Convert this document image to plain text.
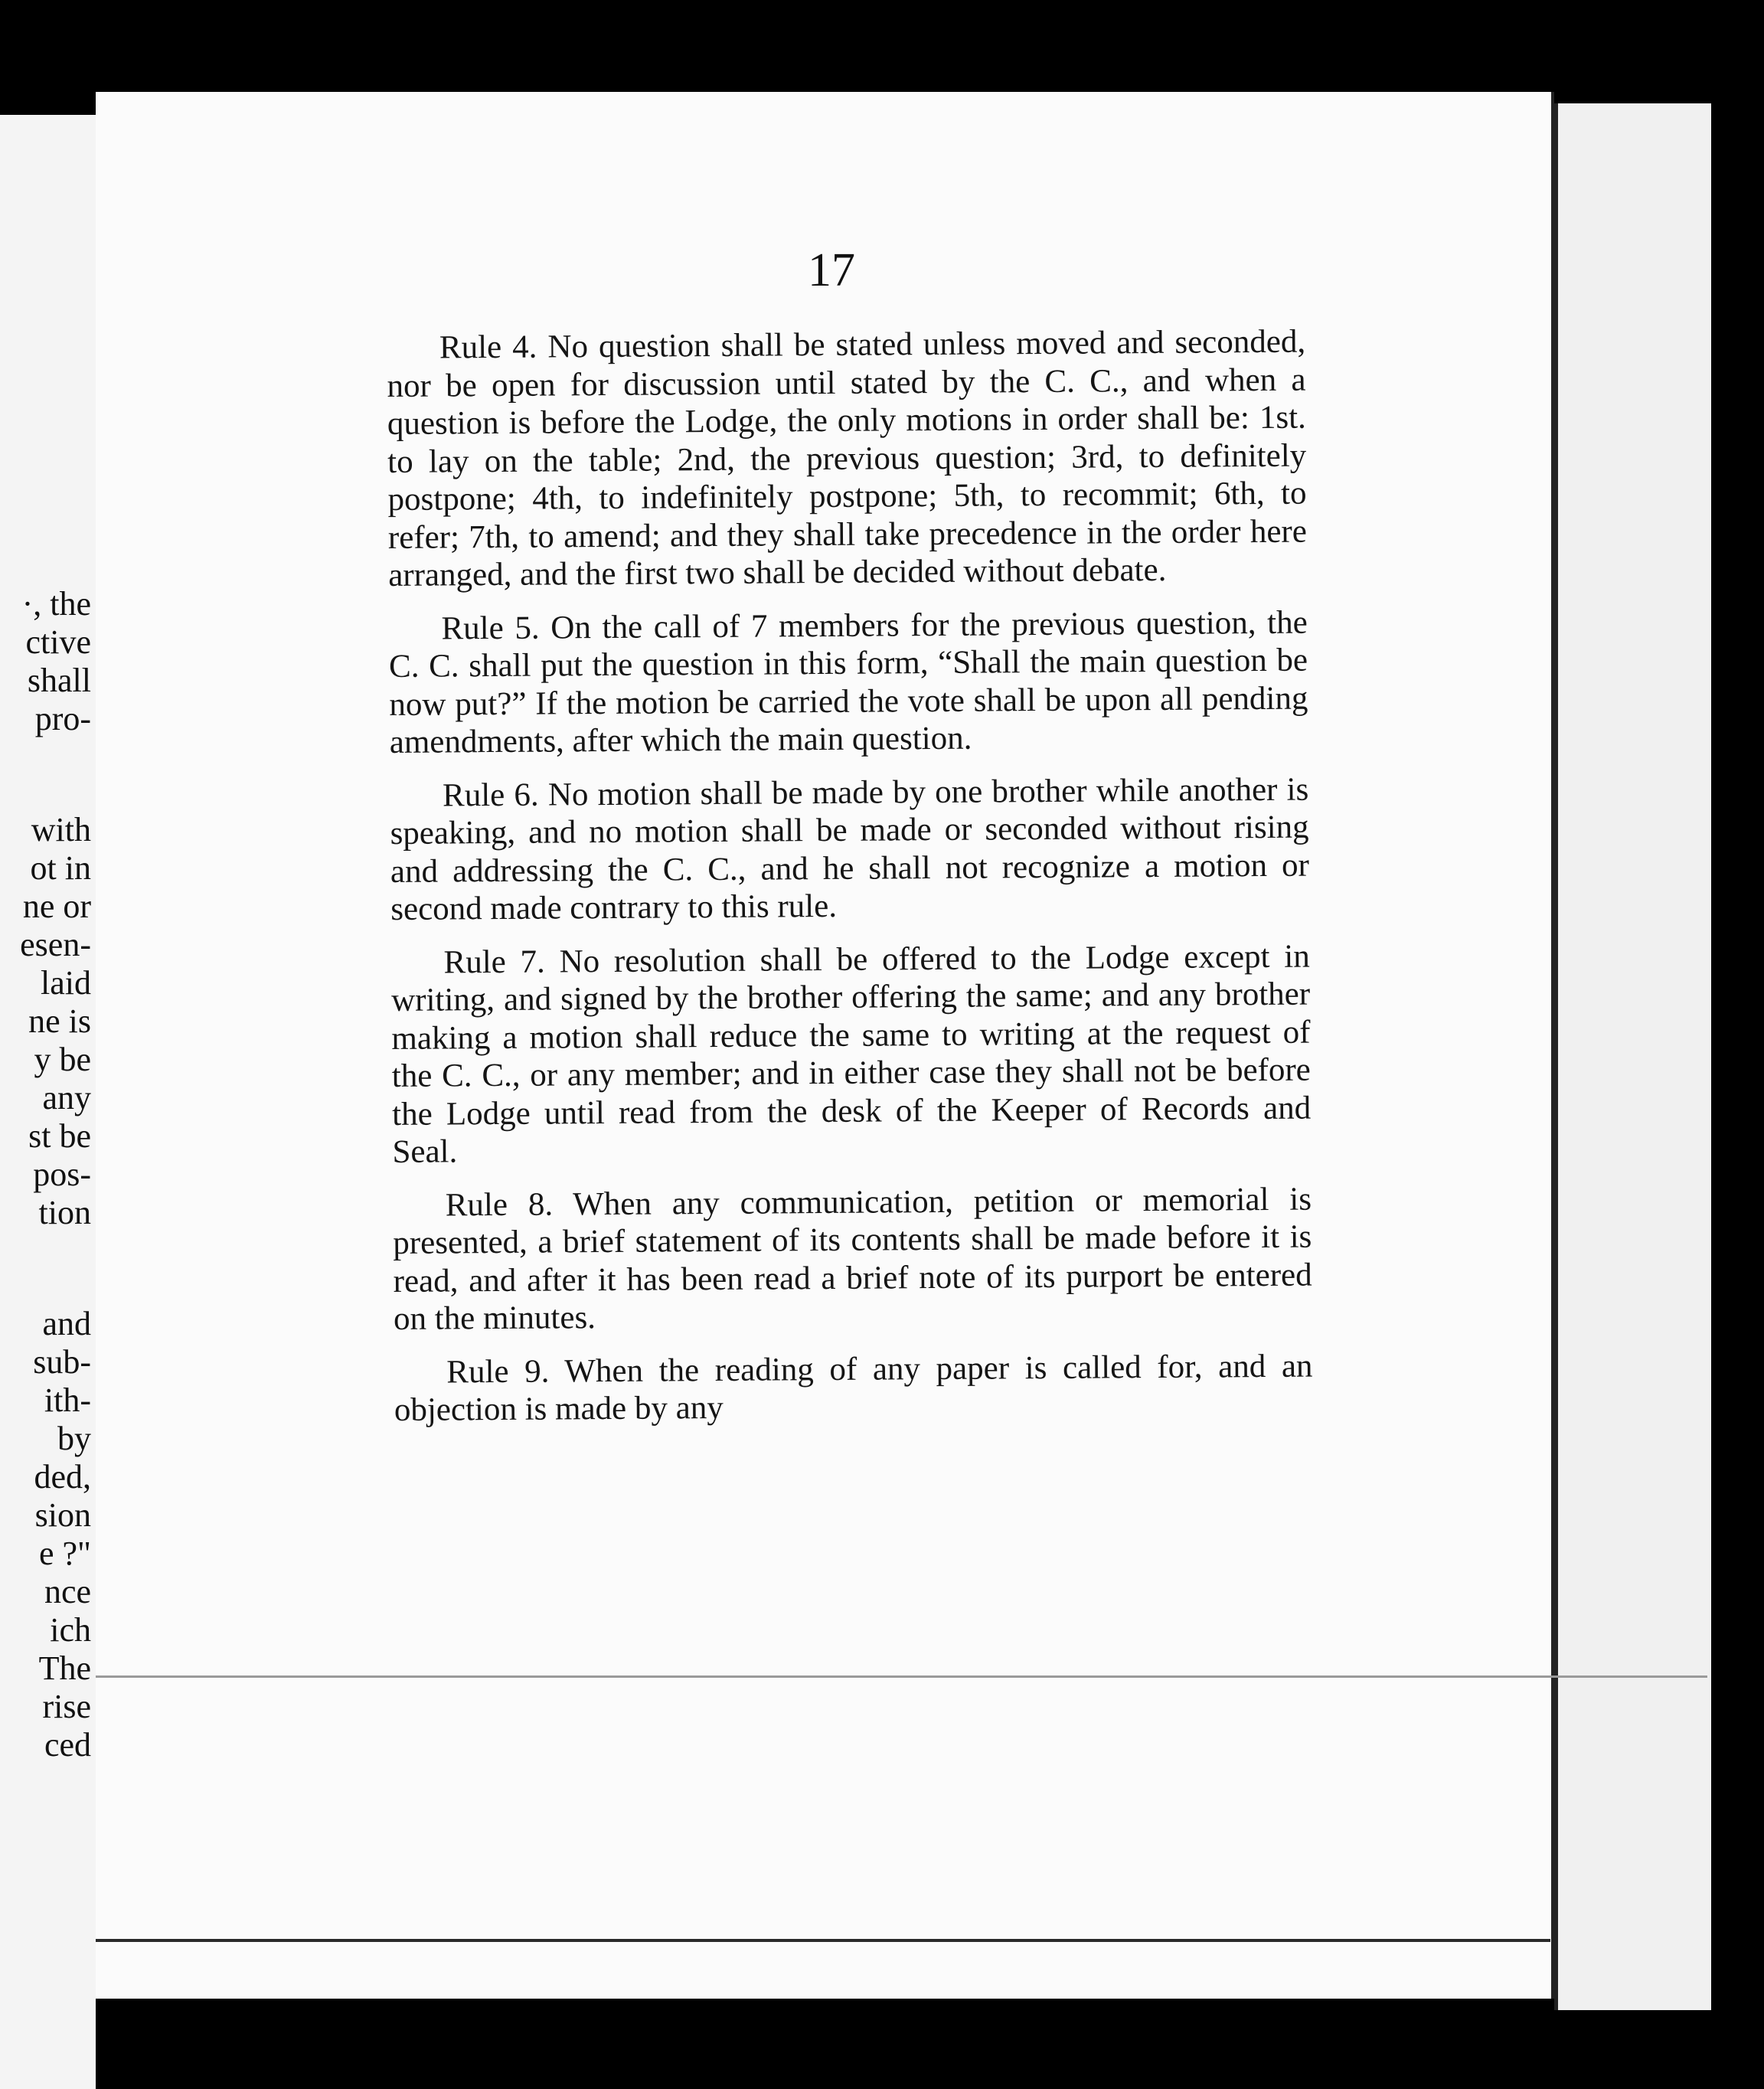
·, the
ctive
shall
pro-
with
ot in
ne or
esen-
laid
ne is
y be
any
st be
pos-
tion
and
sub-
ith-
by
ded,
sion
e ?"
nce
ich
The
rise
ced
17

Rule 4. No question shall be stated unless moved and seconded, nor be open for discussion until stated by the C. C., and when a question is before the Lodge, the only motions in order shall be: 1st. to lay on the table; 2nd, the previous question; 3rd, to definitely postpone; 4th, to indefinitely postpone; 5th, to recommit; 6th, to refer; 7th, to amend; and they shall take precedence in the order here arranged, and the first two shall be decided without debate.

Rule 5. On the call of 7 members for the previous question, the C. C. shall put the question in this form, “Shall the main question be now put?” If the motion be carried the vote shall be upon all pending amendments, after which the main question.

Rule 6. No motion shall be made by one brother while another is speaking, and no motion shall be made or seconded without rising and addressing the C. C., and he shall not recognize a motion or second made contrary to this rule.

Rule 7. No resolution shall be offered to the Lodge except in writing, and signed by the brother offering the same; and any brother making a motion shall reduce the same to writing at the request of the C. C., or any member; and in either case they shall not be before the Lodge until read from the desk of the Keeper of Records and Seal.

Rule 8. When any communication, petition or memorial is presented, a brief statement of its contents shall be made before it is read, and after it has been read a brief note of its purport be entered on the minutes.

Rule 9. When the reading of any paper is called for, and an objection is made by any
